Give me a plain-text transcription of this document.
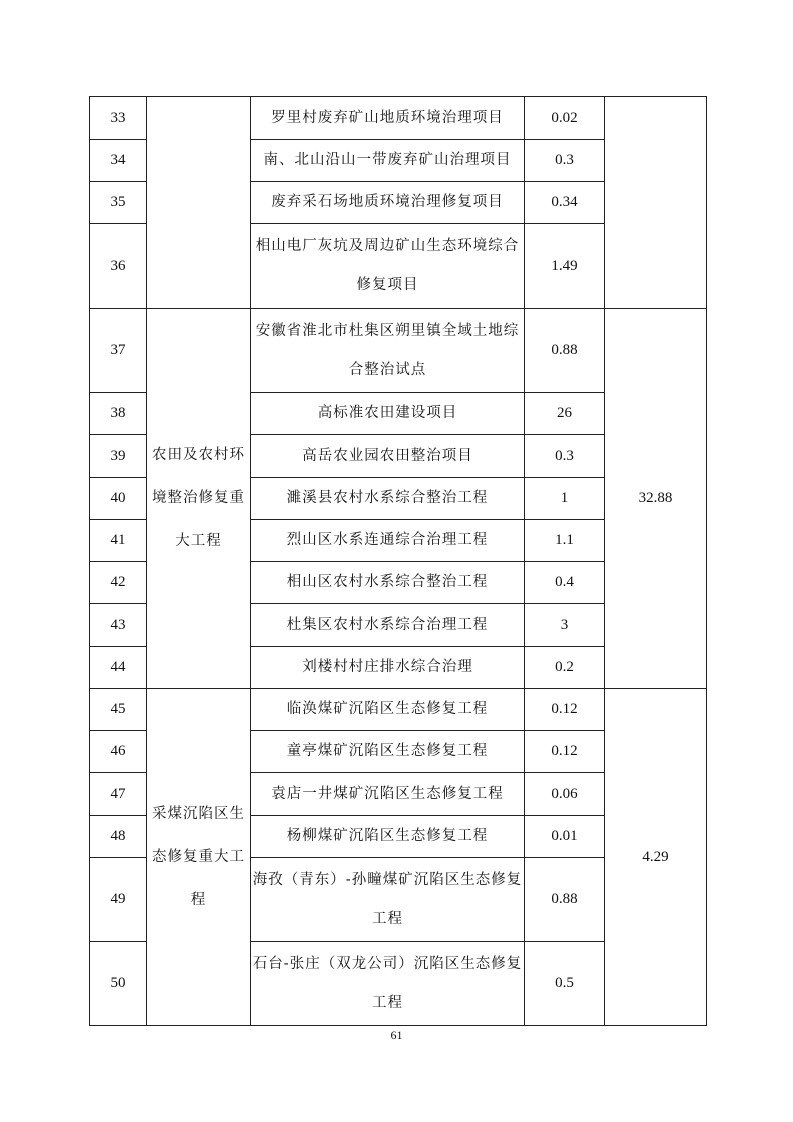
33		罗里村废弃矿山地质环境治理项目	0.02	
34		南、北山沿山一带废弃矿山治理项目	0.3	
35		废弃采石场地质环境治理修复项目	0.34	
36		相山电厂灰坑及周边矿山生态环境综合修复项目	1.49	
37	农田及农村环境整治修复重大工程	安徽省淮北市杜集区朔里镇全域土地综合整治试点	0.88	32.88
38		高标准农田建设项目	26	
39		高岳农业园农田整治项目	0.3	
40		濉溪县农村水系综合整治工程	1	
41		烈山区水系连通综合治理工程	1.1	
42		相山区农村水系综合整治工程	0.4	
43		杜集区农村水系综合治理工程	3	
44		刘楼村村庄排水综合治理	0.2	
45	采煤沉陷区生态修复重大工程	临涣煤矿沉陷区生态修复工程	0.12	4.29
46		童亭煤矿沉陷区生态修复工程	0.12	
47		袁店一井煤矿沉陷区生态修复工程	0.06	
48		杨柳煤矿沉陷区生态修复工程	0.01	
49		海孜（青东）-孙疃煤矿沉陷区生态修复工程	0.88	
50		石台-张庄（双龙公司）沉陷区生态修复工程	0.5	
61
